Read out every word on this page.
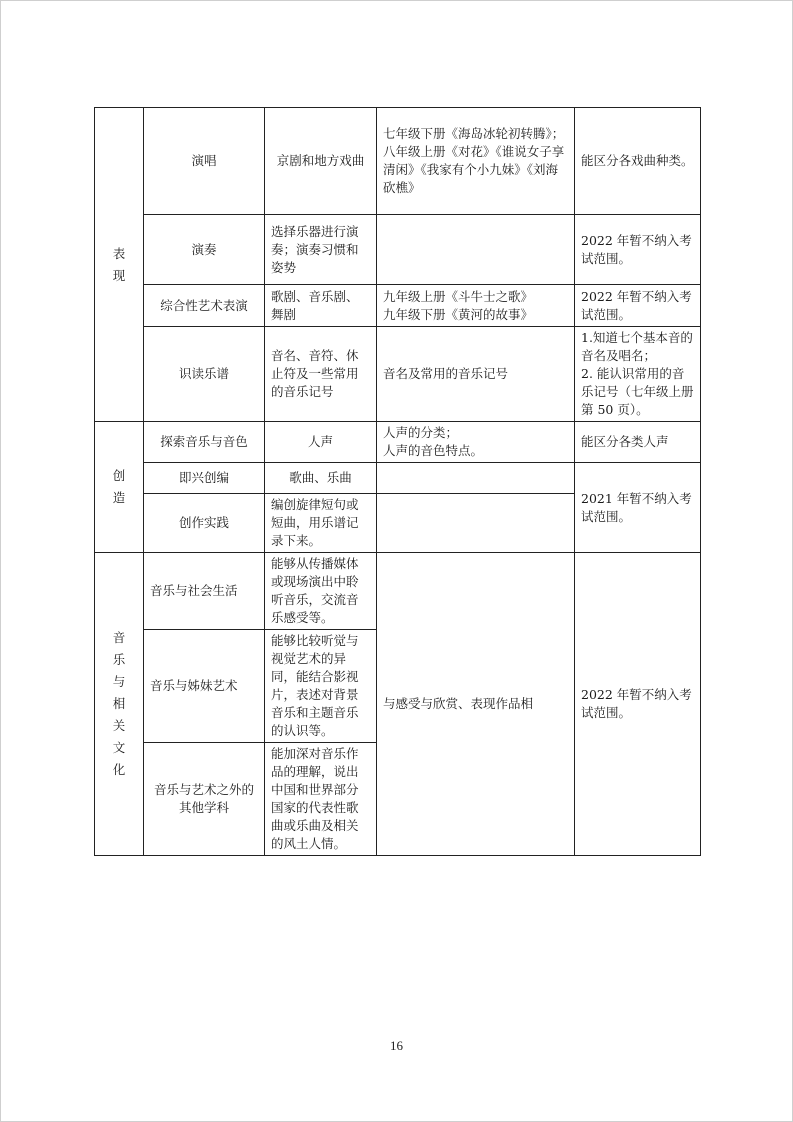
表现	演唱	京剧和地方戏曲	七年级下册《海岛冰轮初转腾》；
八年级上册《对花》《谁说女子享清闲》《我家有个小九妹》《刘海砍樵》	能区分各戏曲种类。
	演奏	选择乐器进行演奏；演奏习惯和姿势		2022 年暂不纳入考试范围。
	综合性艺术表演	歌剧、音乐剧、舞剧	九年级上册《斗牛士之歌》
九年级下册《黄河的故事》	2022 年暂不纳入考试范围。
	识读乐谱	音名、音符、休止符及一些常用的音乐记号	音名及常用的音乐记号	1.知道七个基本音的音名及唱名；
2. 能认识常用的音乐记号（七年级上册第 50 页）。
创造	探索音乐与音色	人声	人声的分类；
人声的音色特点。	能区分各类人声
	即兴创编	歌曲、乐曲		2021 年暂不纳入考试范围。
	创作实践	编创旋律短句或短曲，用乐谱记录下来。		
音乐与相关文化	音乐与社会生活	能够从传播媒体或现场演出中聆听音乐，交流音乐感受等。	与感受与欣赏、表现作品相	2022 年暂不纳入考试范围。
	音乐与姊妹艺术	能够比较听觉与视觉艺术的异同，能结合影视片，表述对背景音乐和主题音乐的认识等。		
	音乐与艺术之外的其他学科	能加深对音乐作品的理解，说出中国和世界部分国家的代表性歌曲或乐曲及相关的风土人情。		
16
